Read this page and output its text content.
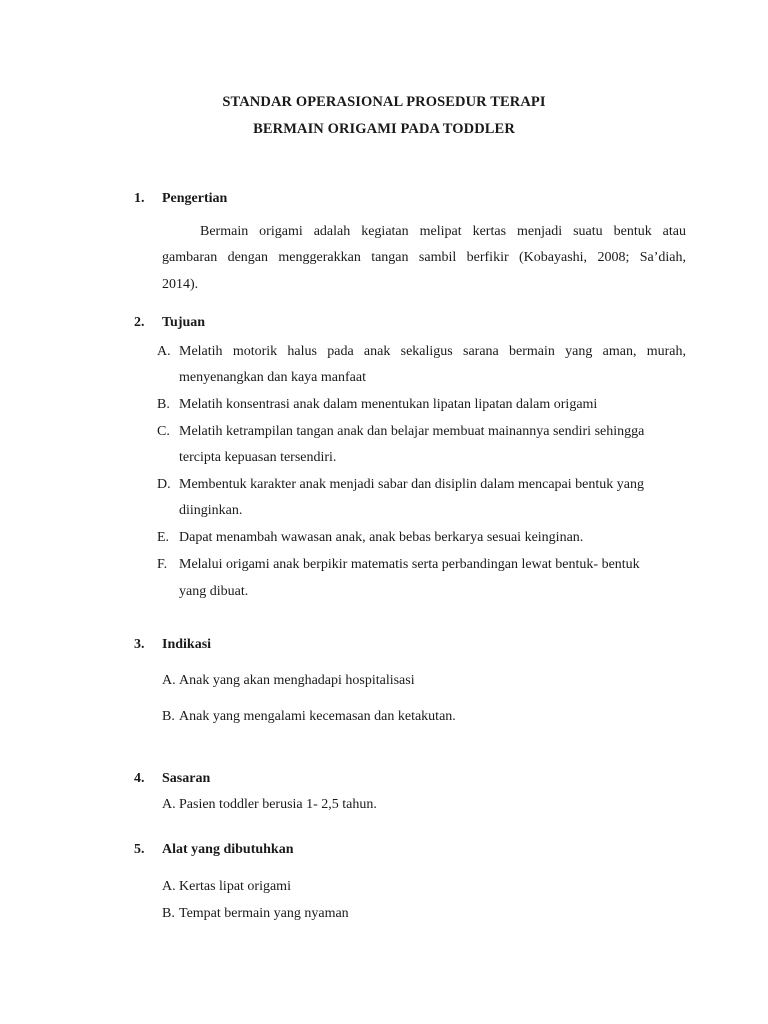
STANDAR OPERASIONAL PROSEDUR TERAPI
BERMAIN ORIGAMI PADA TODDLER
1. Pengertian
Bermain origami adalah kegiatan melipat kertas menjadi suatu bentuk atau
gambaran dengan menggerakkan tangan sambil berfikir (Kobayashi, 2008; Sa’diah,
2014).
2. Tujuan
A. Melatih motorik halus pada anak sekaligus sarana bermain yang aman, murah,
menyenangkan dan kaya manfaat
B. Melatih konsentrasi anak dalam menentukan lipatan lipatan dalam origami
C. Melatih ketrampilan tangan anak dan belajar membuat mainannya sendiri sehingga
tercipta kepuasan tersendiri.
D. Membentuk karakter anak menjadi sabar dan disiplin dalam mencapai bentuk yang
diinginkan.
E. Dapat menambah wawasan anak, anak bebas berkarya sesuai keinginan.
F. Melalui origami anak berpikir matematis serta perbandingan lewat bentuk- bentuk
yang dibuat.
3. Indikasi
A. Anak yang akan menghadapi hospitalisasi
B. Anak yang mengalami kecemasan dan ketakutan.
4. Sasaran
A. Pasien toddler berusia 1- 2,5 tahun.
5. Alat yang dibutuhkan
A. Kertas lipat origami
B. Tempat bermain yang nyaman
